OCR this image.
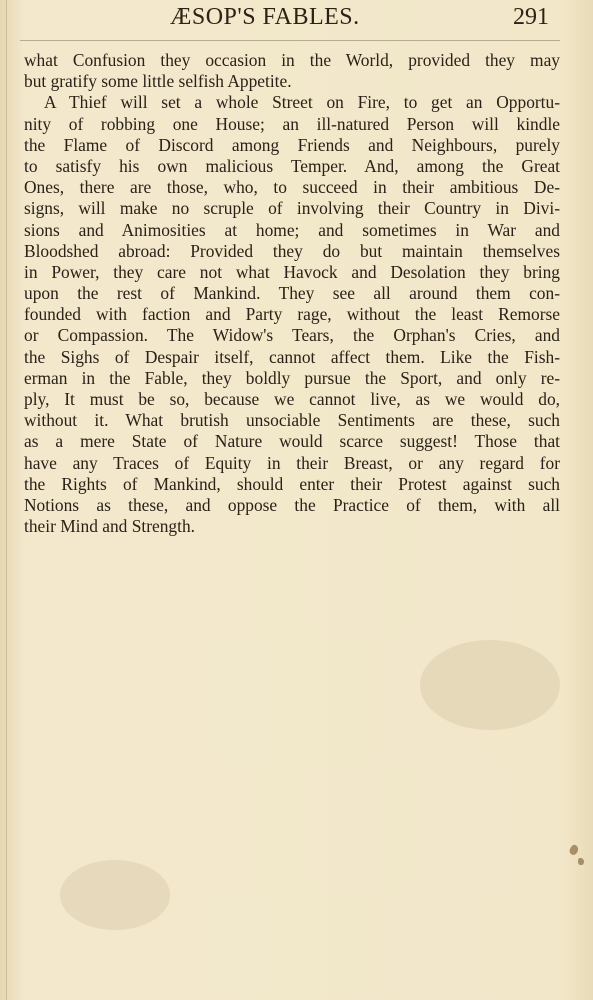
ÆSOP'S FABLES.	291
what Confusion they occasion in the World, provided they may
but gratify some little selfish Appetite.
A Thief will set a whole Street on Fire, to get an Opportu-
nity of robbing one House; an ill-natured Person will kindle
the Flame of Discord among Friends and Neighbours, purely
to satisfy his own malicious Temper. And, among the Great
Ones, there are those, who, to succeed in their ambitious De-
signs, will make no scruple of involving their Country in Divi-
sions and Animosities at home; and sometimes in War and
Bloodshed abroad: Provided they do but maintain themselves
in Power, they care not what Havock and Desolation they bring
upon the rest of Mankind. They see all around them con-
founded with faction and Party rage, without the least Remorse
or Compassion. The Widow's Tears, the Orphan's Cries, and
the Sighs of Despair itself, cannot affect them. Like the Fish-
erman in the Fable, they boldly pursue the Sport, and only re-
ply, It must be so, because we cannot live, as we would do,
without it. What brutish unsociable Sentiments are these, such
as a mere State of Nature would scarce suggest! Those that
have any Traces of Equity in their Breast, or any regard for
the Rights of Mankind, should enter their Protest against such
Notions as these, and oppose the Practice of them, with all
their Mind and Strength.
